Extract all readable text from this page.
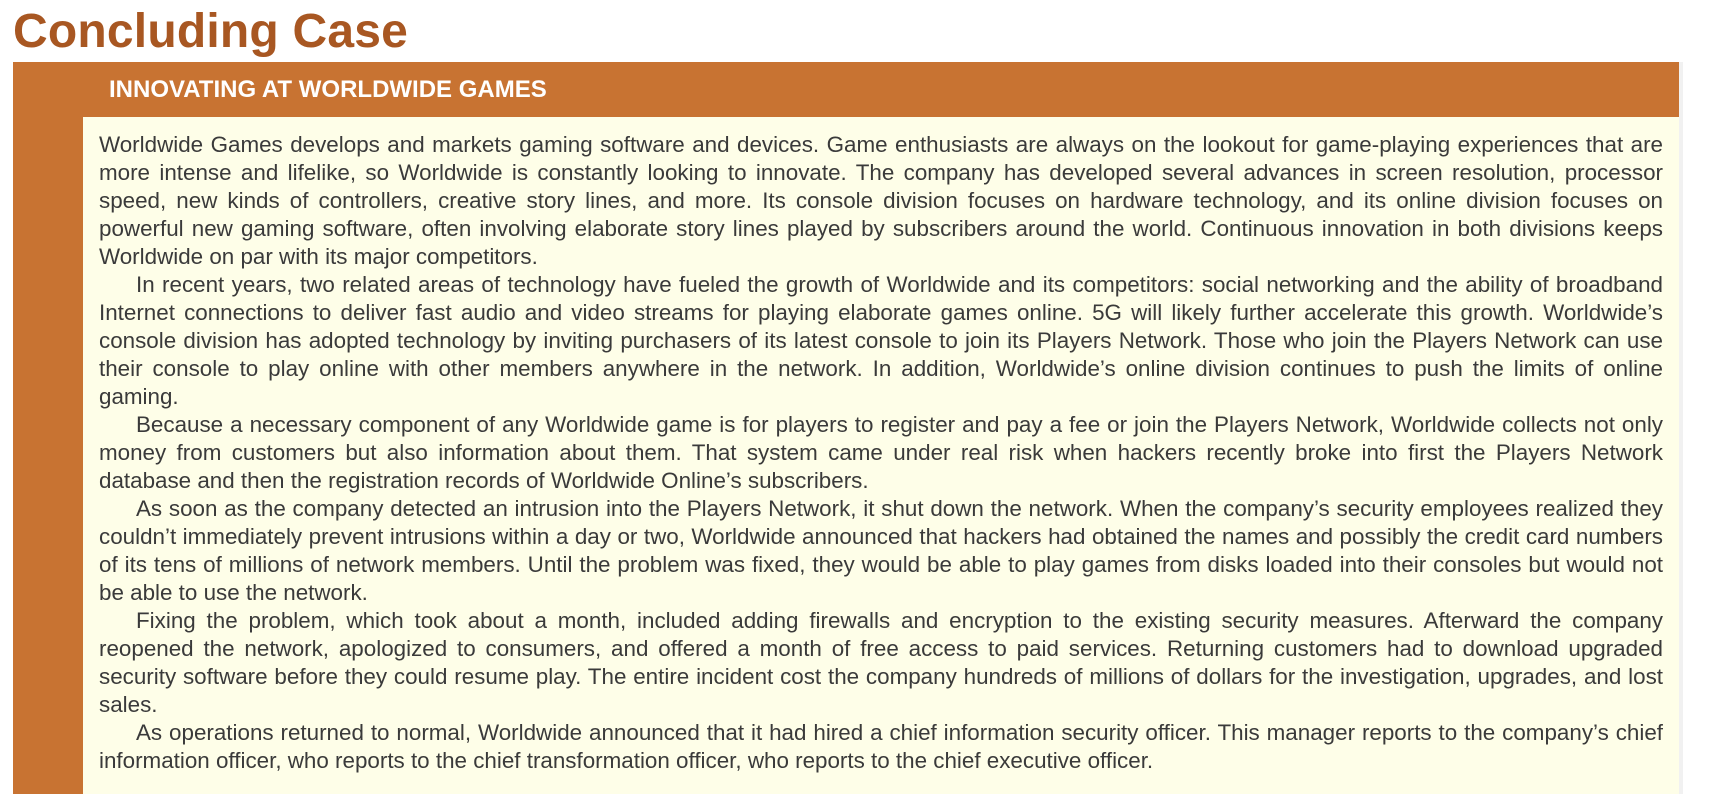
Concluding Case
INNOVATING AT WORLDWIDE GAMES

Worldwide Games develops and markets gaming software and devices. Game enthusiasts are always on the lookout for game-playing experiences that are more intense and lifelike, so Worldwide is constantly looking to innovate. The company has developed several advances in screen resolution, processor speed, new kinds of controllers, creative story lines, and more. Its console division focuses on hardware technology, and its online division focuses on powerful new gaming software, often involving elaborate story lines played by subscribers around the world. Continuous innovation in both divisions keeps Worldwide on par with its major competitors.

In recent years, two related areas of technology have fueled the growth of Worldwide and its competitors: social networking and the ability of broadband Internet connections to deliver fast audio and video streams for playing elaborate games online. 5G will likely further accelerate this growth. Worldwide’s console division has adopted technology by inviting purchasers of its latest console to join its Players Network. Those who join the Players Network can use their console to play online with other members anywhere in the network. In addition, Worldwide’s online division continues to push the limits of online gaming.

Because a necessary component of any Worldwide game is for players to register and pay a fee or join the Players Network, Worldwide collects not only money from customers but also information about them. That system came under real risk when hackers recently broke into first the Players Network database and then the registration records of Worldwide Online’s subscribers.

As soon as the company detected an intrusion into the Players Network, it shut down the network. When the company’s security employees realized they couldn’t immediately prevent intrusions within a day or two, Worldwide announced that hackers had obtained the names and possibly the credit card numbers of its tens of millions of network members. Until the problem was fixed, they would be able to play games from disks loaded into their consoles but would not be able to use the network.

Fixing the problem, which took about a month, included adding firewalls and encryption to the existing security measures. Afterward the company reopened the network, apologized to consumers, and offered a month of free access to paid services. Returning customers had to download upgraded security software before they could resume play. The entire incident cost the company hundreds of millions of dollars for the investigation, upgrades, and lost sales.

As operations returned to normal, Worldwide announced that it had hired a chief information security officer. This manager reports to the company’s chief information officer, who reports to the chief transformation officer, who reports to the chief executive officer.
